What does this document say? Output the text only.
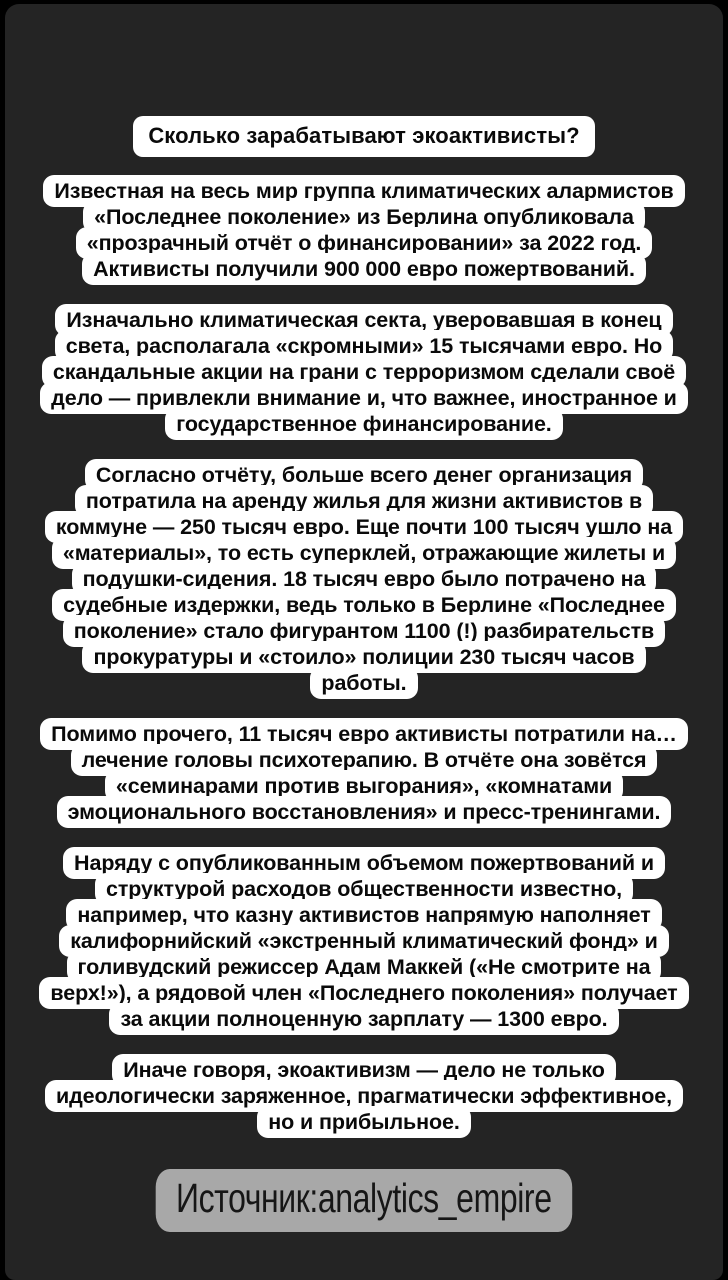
Сколько зарабатывают экоактивисты?
Известная на весь мир группа климатических алармистов
«Последнее поколение» из Берлина опубликовала
«прозрачный отчёт о финансировании» за 2022 год.
Активисты получили 900 000 евро пожертвований.
Изначально климатическая секта, уверовавшая в конец
света, располагала «скромными» 15 тысячами евро. Но
скандальные акции на грани с терроризмом сделали своё
дело — привлекли внимание и, что важнее, иностранное и
государственное финансирование.
Согласно отчёту, больше всего денег организация
потратила на аренду жилья для жизни активистов в
коммуне — 250 тысяч евро. Еще почти 100 тысяч ушло на
«материалы», то есть суперклей, отражающие жилеты и
подушки-сидения. 18 тысяч евро было потрачено на
судебные издержки, ведь только в Берлине «Последнее
поколение» стало фигурантом 1100 (!) разбирательств
прокуратуры и «стоило» полиции 230 тысяч часов
работы.
Помимо прочего, 11 тысяч евро активисты потратили на…
лечение головы психотерапию. В отчёте она зовётся
«семинарами против выгорания», «комнатами
эмоционального восстановления» и пресс-тренингами.
Наряду с опубликованным объемом пожертвований и
структурой расходов общественности известно,
например, что казну активистов напрямую наполняет
калифорнийский «экстренный климатический фонд» и
голивудский режиссер Адам Маккей («Не смотрите на
верх!»), а рядовой член «Последнего поколения» получает
за акции полноценную зарплату — 1300 евро.
Иначе говоря, экоактивизм — дело не только
идеологически заряженное, прагматически эффективное,
но и прибыльное.
Источник:analytics_empire
